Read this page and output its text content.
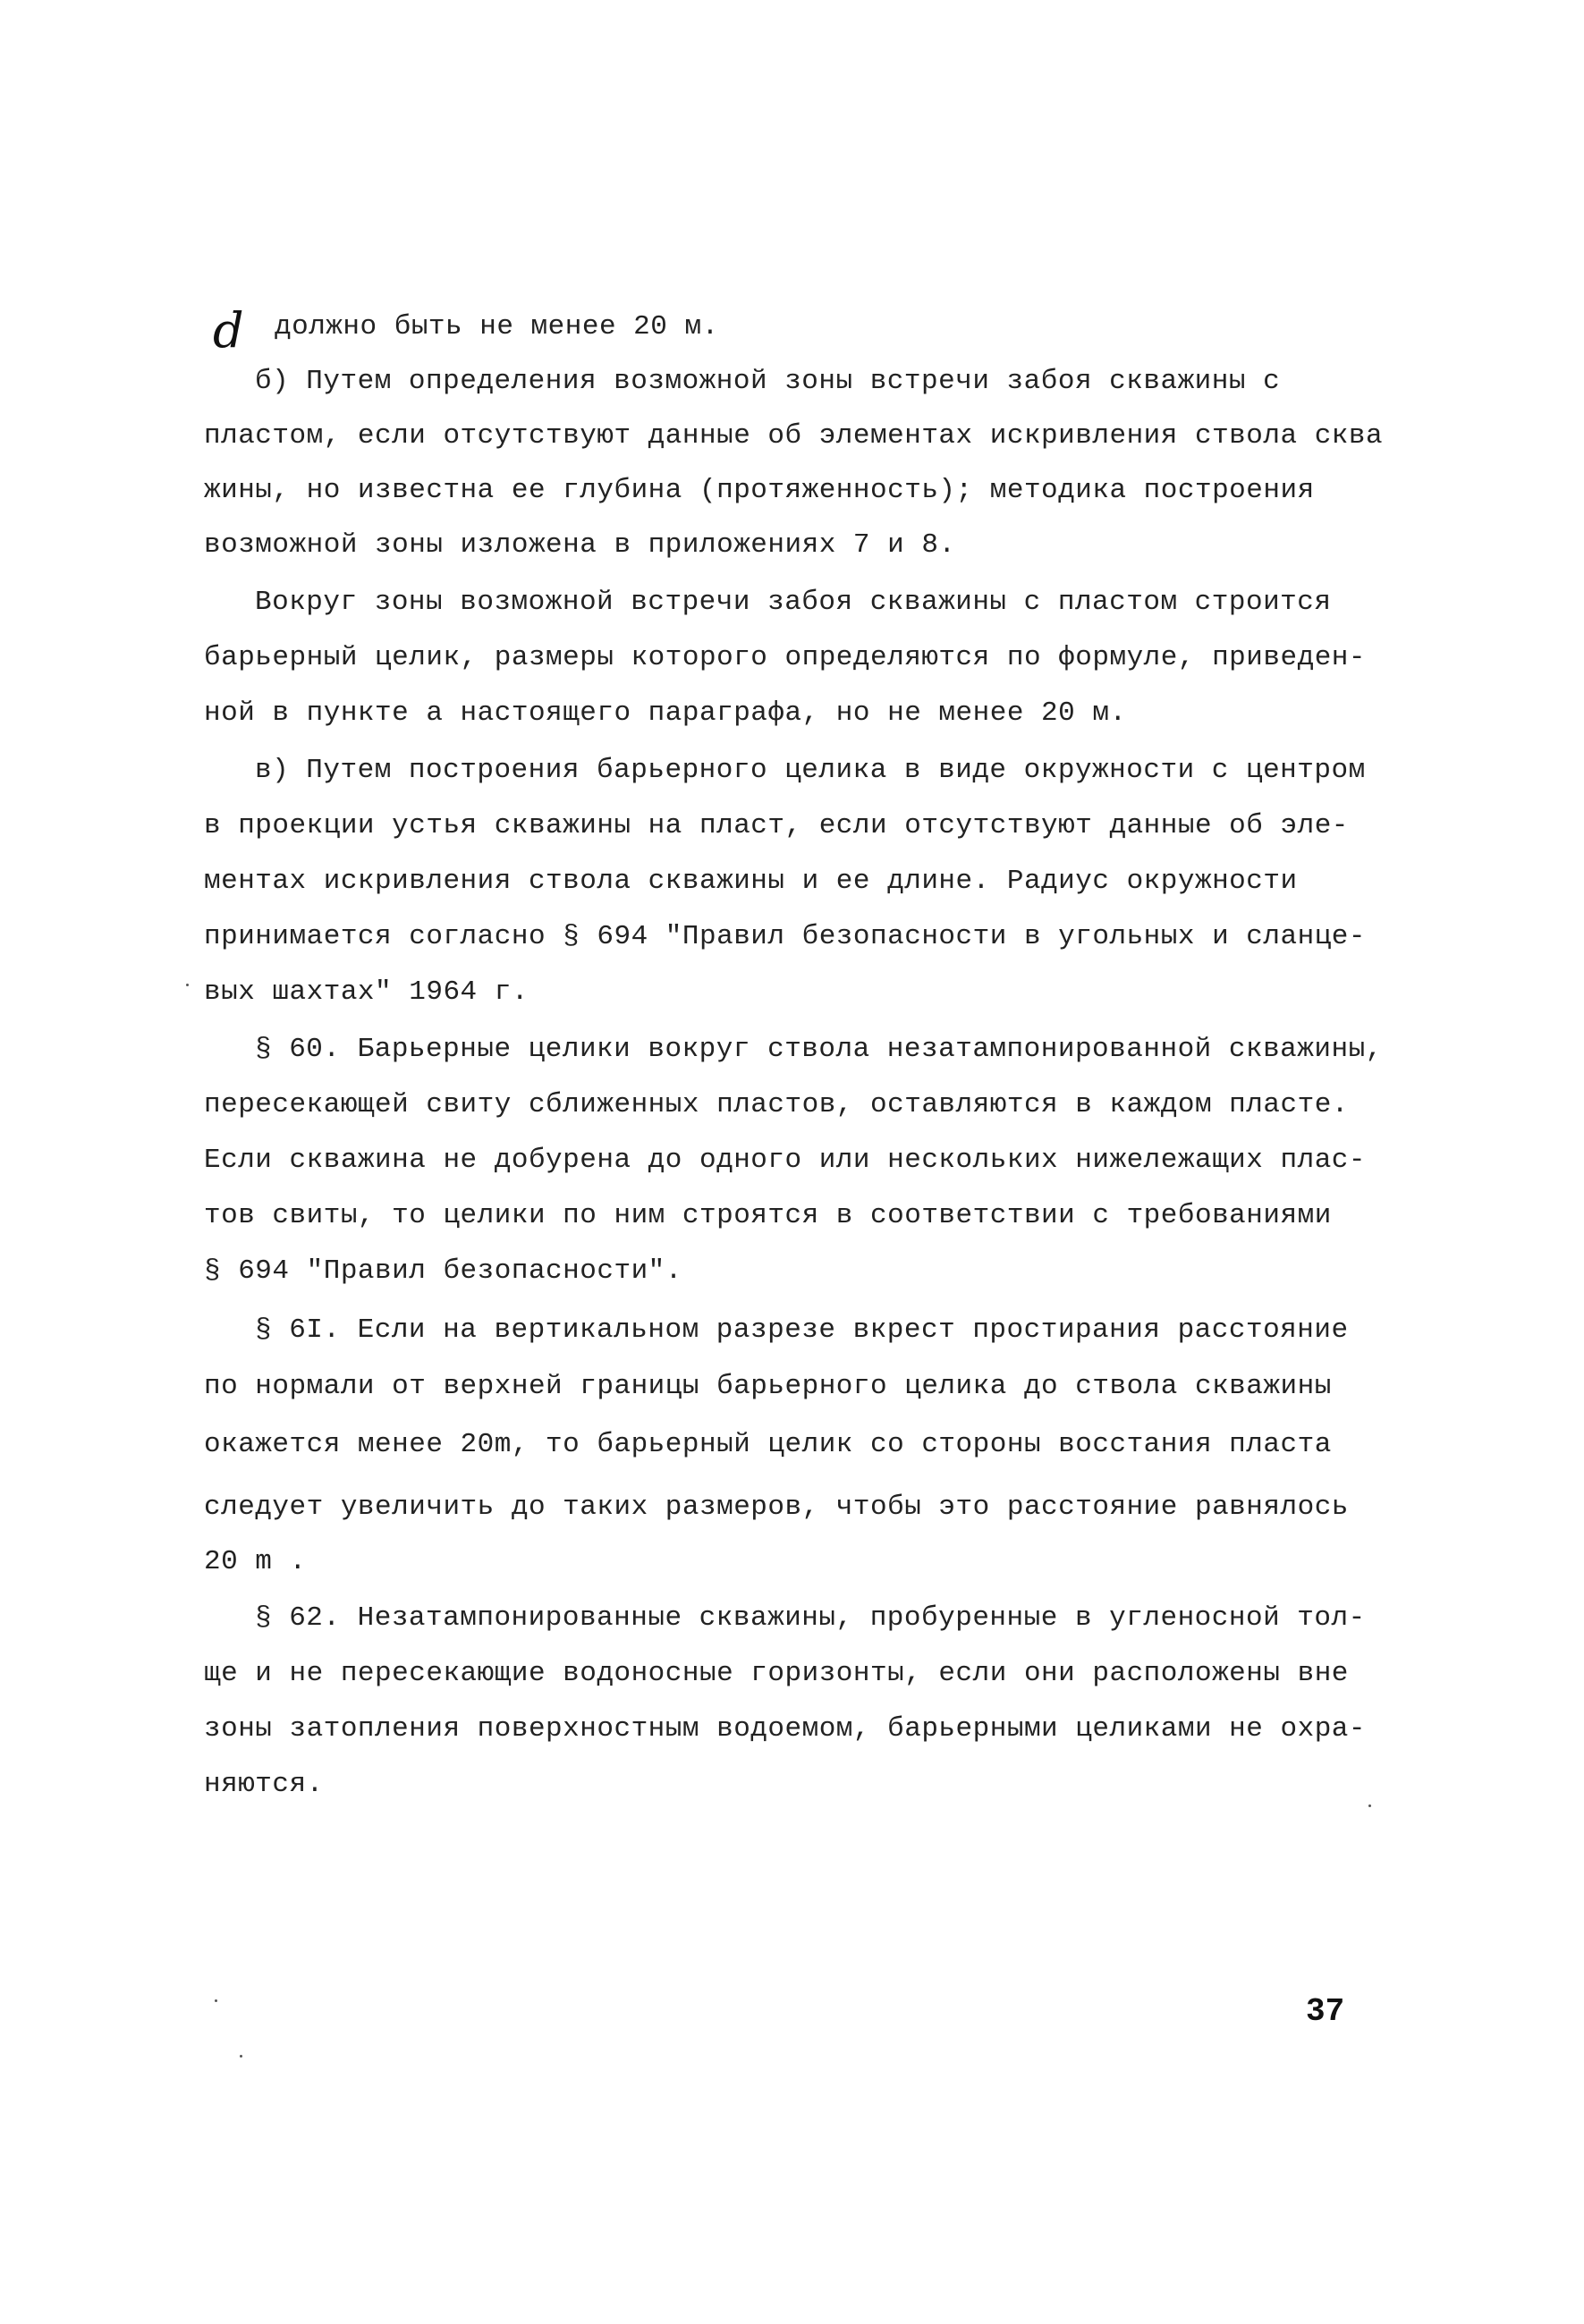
d должно быть не менее 20 м.
б) Путем определения возможной зоны встречи забоя скважины с
пластом, если отсутствуют данные об элементах искривления ствола сква
жины, но известна ее глубина (протяженность); методика построения
возможной зоны изложена в приложениях 7 и 8.
Вокруг зоны возможной встречи забоя скважины с пластом строится
барьерный целик, размеры которого определяются по формуле, приведен-
ной в пункте а настоящего параграфа, но не менее 20 м.
в) Путем построения барьерного целика в виде окружности с центром
в проекции устья скважины на пласт, если отсутствуют данные об эле-
ментах искривления ствола скважины и ее длине. Радиус окружности
принимается согласно § 694 "Правил безопасности в угольных и сланце-
вых шахтах" 1964 г.
§ 60. Барьерные целики вокруг ствола незатампонированной скважины,
пересекающей свиту сближенных пластов, оставляются в каждом пласте.
Если скважина не добурена до одного или нескольких нижележащих плас-
тов свиты, то целики по ним строятся в соответствии с требованиями
§ 694 "Правил безопасности".
§ 6I. Если на вертикальном разрезе вкрест простирания расстояние
по нормали от верхней границы барьерного целика до ствола скважины
окажется менее 20m, то барьерный целик со стороны восстания пласта
следует увеличить до таких размеров, чтобы это расстояние равнялось
20 m .
§ 62. Незатампонированные скважины, пробуренные в угленосной тол-
ще и не пересекающие водоносные горизонты, если они расположены вне
зоны затопления поверхностным водоемом, барьерными целиками не охра-
няются.
37
